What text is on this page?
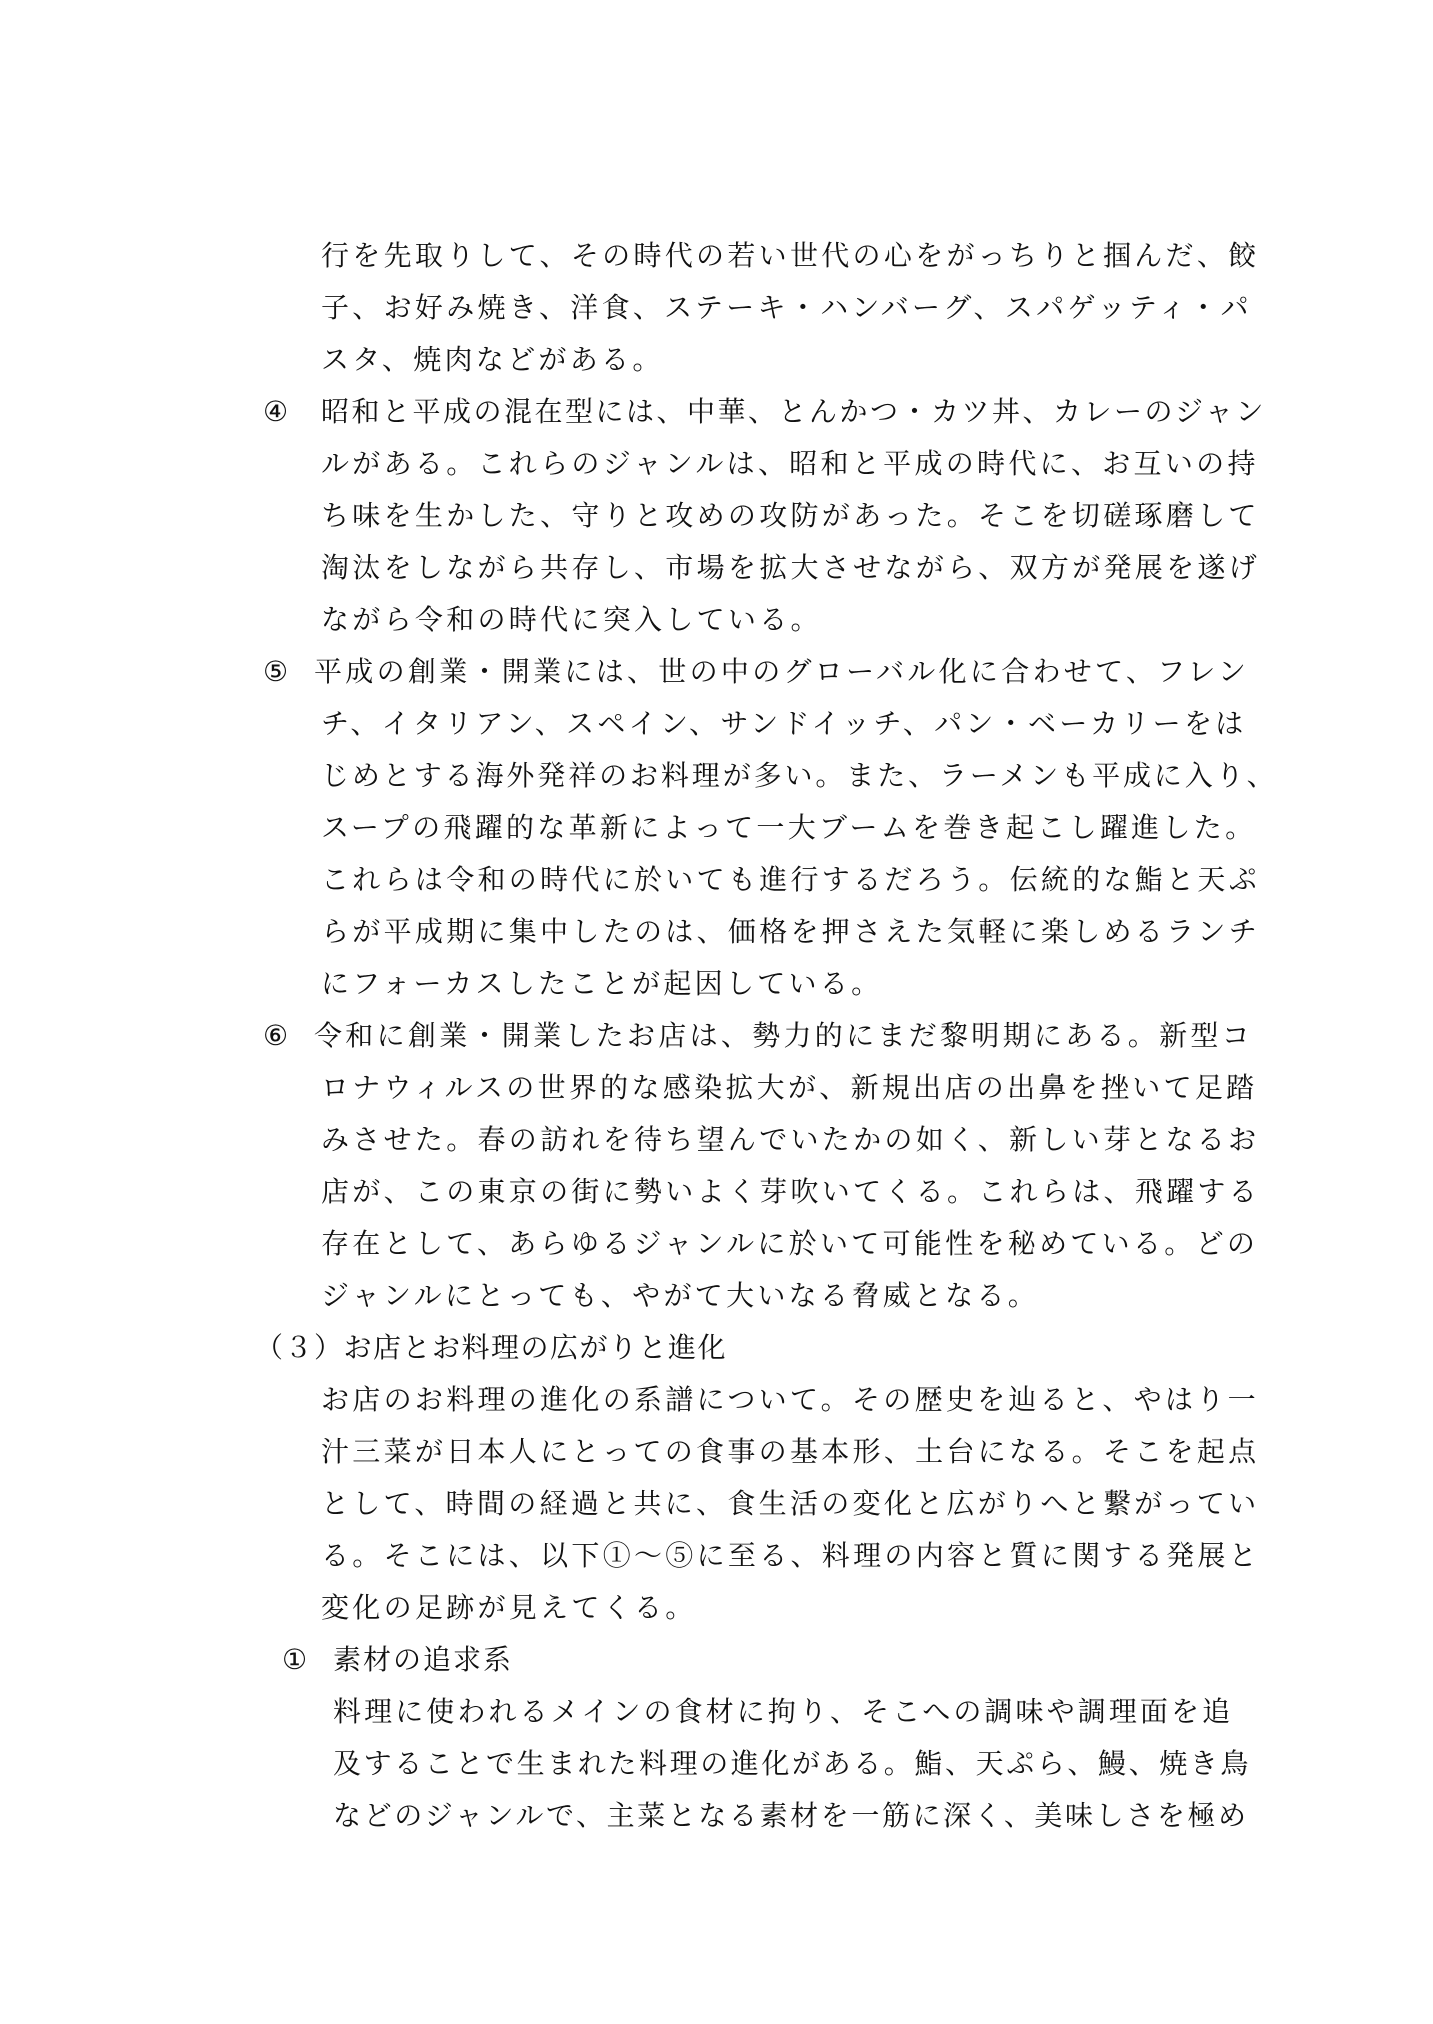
行を先取りして、その時代の若い世代の心をがっちりと掴んだ、餃
子、お好み焼き、洋食、ステーキ・ハンバーグ、スパゲッティ・パ
スタ、焼肉などがある。
④ 昭和と平成の混在型には、中華、とんかつ・カツ丼、カレーのジャン
ルがある。これらのジャンルは、昭和と平成の時代に、お互いの持
ち味を生かした、守りと攻めの攻防があった。そこを切磋琢磨して
淘汰をしながら共存し、市場を拡大させながら、双方が発展を遂げ
ながら令和の時代に突入している。
⑤ 平成の創業・開業には、世の中のグローバル化に合わせて、フレン
チ、イタリアン、スペイン、サンドイッチ、パン・ベーカリーをは
じめとする海外発祥のお料理が多い。また、ラーメンも平成に入り、
スープの飛躍的な革新によって一大ブームを巻き起こし躍進した。
これらは令和の時代に於いても進行するだろう。伝統的な鮨と天ぷ
らが平成期に集中したのは、価格を押さえた気軽に楽しめるランチ
にフォーカスしたことが起因している。
⑥ 令和に創業・開業したお店は、勢力的にまだ黎明期にある。新型コ
ロナウィルスの世界的な感染拡大が、新規出店の出鼻を挫いて足踏
みさせた。春の訪れを待ち望んでいたかの如く、新しい芽となるお
店が、この東京の街に勢いよく芽吹いてくる。これらは、飛躍する
存在として、あらゆるジャンルに於いて可能性を秘めている。どの
ジャンルにとっても、やがて大いなる脅威となる。
（３）お店とお料理の広がりと進化
お店のお料理の進化の系譜について。その歴史を辿ると、やはり一
汁三菜が日本人にとっての食事の基本形、土台になる。そこを起点
として、時間の経過と共に、食生活の変化と広がりへと繋がってい
る。そこには、以下①～⑤に至る、料理の内容と質に関する発展と
変化の足跡が見えてくる。
① 素材の追求系
料理に使われるメインの食材に拘り、そこへの調味や調理面を追
及することで生まれた料理の進化がある。鮨、天ぷら、鰻、焼き鳥
などのジャンルで、主菜となる素材を一筋に深く、美味しさを極め
